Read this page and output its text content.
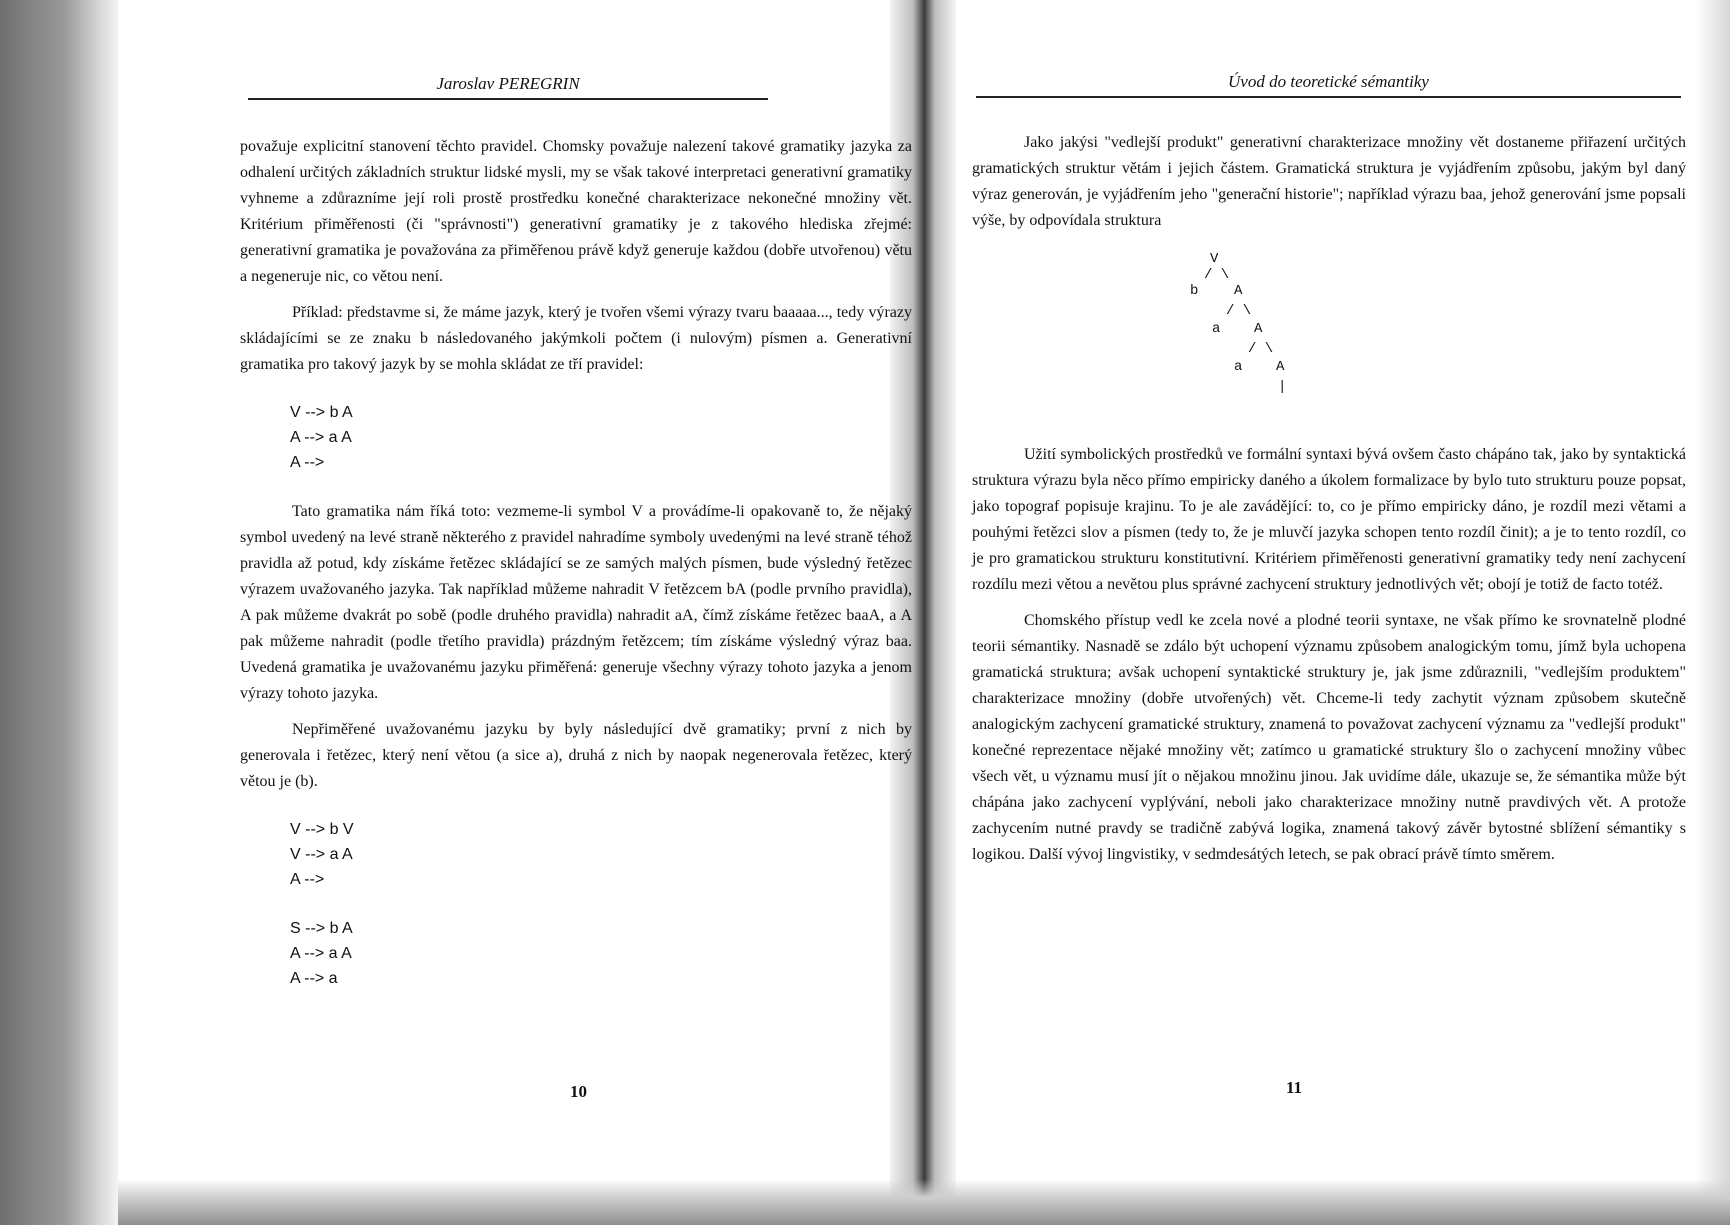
Jaroslav PEREGRIN

považuje explicitní stanovení těchto pravidel. Chomsky považuje nalezení takové gramatiky jazyka za odhalení určitých základních struktur lidské mysli, my se však takové interpretaci generativní gramatiky vyhneme a zdůrazníme její roli prostě prostředku konečné charakterizace nekonečné množiny vět. Kritérium přiměřenosti (či "správnosti") generativní gramatiky je z takového hlediska zřejmé: generativní gramatika je považována za přiměřenou právě když generuje každou (dobře utvořenou) větu a negeneruje nic, co větou není.

Příklad: představme si, že máme jazyk, který je tvořen všemi výrazy tvaru baaaaa..., tedy výrazy skládajícími se ze znaku b následovaného jakýmkoli počtem (i nulovým) písmen a. Generativní gramatika pro takový jazyk by se mohla skládat ze tří pravidel:

V --> b A
A --> a A
A -->

Tato gramatika nám říká toto: vezmeme-li symbol V a provádíme-li opakovaně to, že nějaký symbol uvedený na levé straně některého z pravidel nahradíme symboly uvedenými na levé straně téhož pravidla až potud, kdy získáme řetězec skládající se ze samých malých písmen, bude výsledný řetězec výrazem uvažovaného jazyka. Tak například můžeme nahradit V řetězcem bA (podle prvního pravidla), A pak můžeme dvakrát po sobě (podle druhého pravidla) nahradit aA, čímž získáme řetězec baaA, a A pak můžeme nahradit (podle třetího pravidla) prázdným řetězcem; tím získáme výsledný výraz baa. Uvedená gramatika je uvažovanému jazyku přiměřená: generuje všechny výrazy tohoto jazyka a jenom výrazy tohoto jazyka.

Nepřiměřené uvažovanému jazyku by byly následující dvě gramatiky; první z nich by generovala i řetězec, který není větou (a sice a), druhá z nich by naopak negenerovala řetězec, který větou je (b).

V --> b V
V --> a A
A -->
S --> b A
A --> a A
A --> a
10
Úvod do teoretické sémantiky

Jako jakýsi "vedlejší produkt" generativní charakterizace množiny vět dostaneme přiřazení určitých gramatických struktur větám i jejich částem. Gramatická struktura je vyjádřením způsobu, jakým byl daný výraz generován, je vyjádřením jeho "generační historie"; například výrazu baa, jehož generování jsme popsali výše, by odpovídala struktura

V
/ \
b	A
/ \
a A
/ \
a A
|

Užití symbolických prostředků ve formální syntaxi bývá ovšem často chápáno tak, jako by syntaktická struktura výrazu byla něco přímo empiricky daného a úkolem formalizace by bylo tuto strukturu pouze popsat, jako topograf popisuje krajinu. To je ale zavádějící: to, co je přímo empiricky dáno, je rozdíl mezi větami a pouhými řetězci slov a písmen (tedy to, že je mluvčí jazyka schopen tento rozdíl činit); a je to tento rozdíl, co je pro gramatickou strukturu konstitutivní. Kritériem přiměřenosti generativní gramatiky tedy není zachycení rozdílu mezi větou a nevětou plus správné zachycení struktury jednotlivých vět; obojí je totiž de facto totéž.

Chomského přístup vedl ke zcela nové a plodné teorii syntaxe, ne však přímo ke srovnatelně plodné teorii sémantiky. Nasnadě se zdálo být uchopení významu způsobem analogickým tomu, jímž byla uchopena gramatická struktura; avšak uchopení syntaktické struktury je, jak jsme zdůraznili, "vedlejším produktem" charakterizace množiny (dobře utvořených) vět. Chceme-li tedy zachytit význam způsobem skutečně analogickým zachycení gramatické struktury, znamená to považovat zachycení významu za "vedlejší produkt" konečné reprezentace nějaké množiny vět; zatímco u gramatické struktury šlo o zachycení množiny vůbec všech vět, u významu musí jít o nějakou množinu jinou. Jak uvidíme dále, ukazuje se, že sémantika může být chápána jako zachycení vyplývání, neboli jako charakterizace množiny nutně pravdivých vět. A protože zachycením nutné pravdy se tradičně zabývá logika, znamená takový závěr bytostné sblížení sémantiky s logikou. Další vývoj lingvistiky, v sedmdesátých letech, se pak obrací právě tímto směrem.

11
